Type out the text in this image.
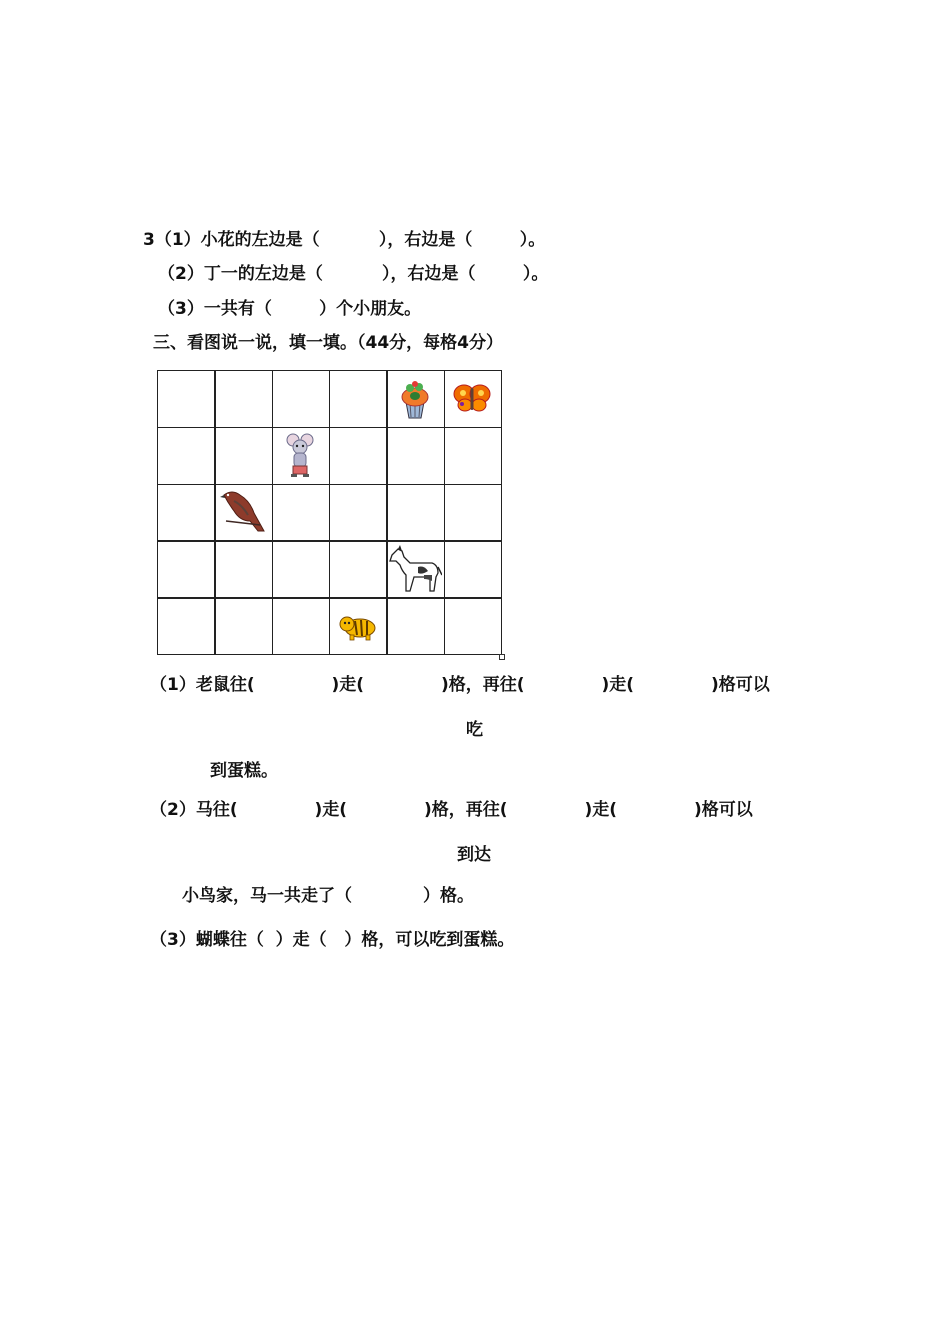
3（1）小花的左边是（          ），右边是（        ）。
（2）丁一的左边是（          ），右边是（        ）。
（3）一共有（        ）个小朋友。
三、看图说一说，填一填。（44分，每格4分）

（1）老鼠往(             )走(             )格，再往(             )走(             )格可以
吃
到蛋糕。
（2）马往(             )走(             )格，再往(             )走(             )格可以
到达
小鸟家，马一共走了（            ）格。
（3）蝴蝶往（  ）走（   ）格，可以吃到蛋糕。
